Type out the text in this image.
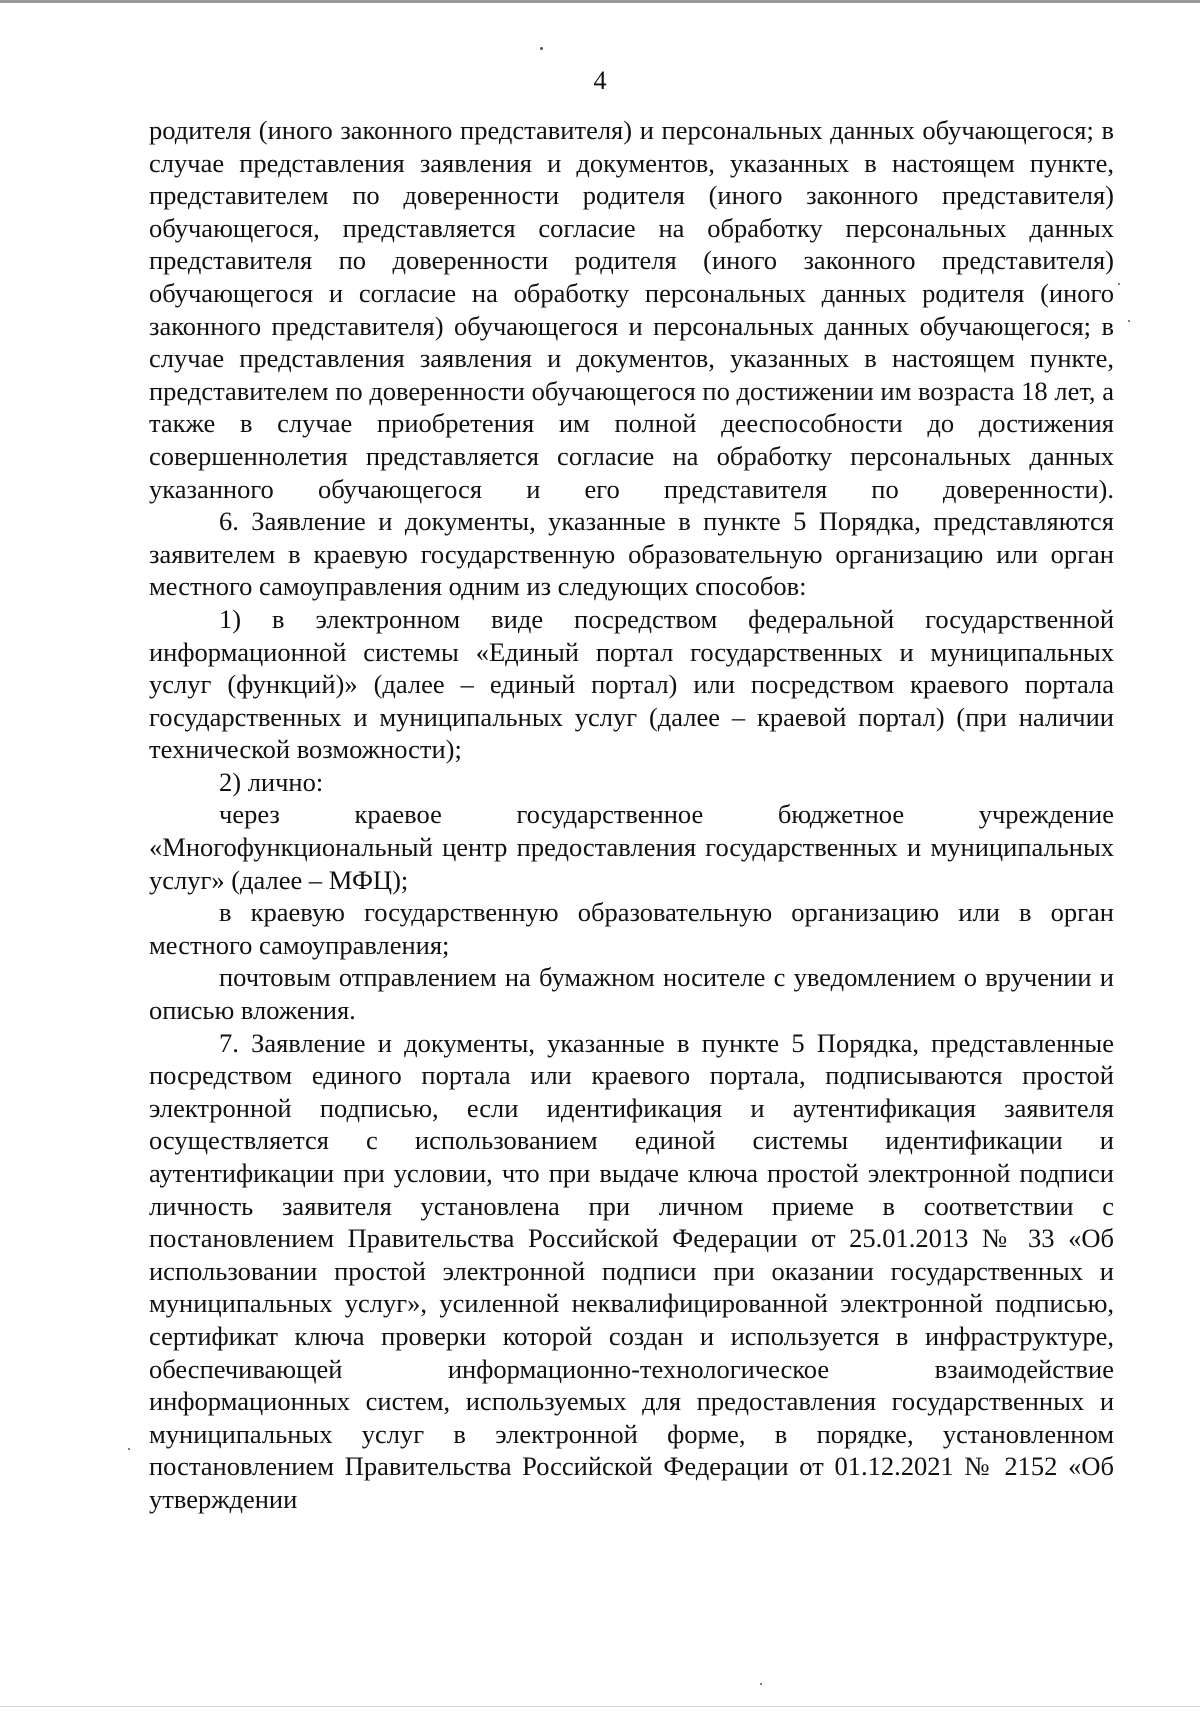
4

родителя (иного законного представителя) и персональных данных обучающегося; в случае представления заявления и документов, указанных в настоящем пункте, представителем по доверенности родителя (иного законного представителя) обучающегося, представляется согласие на обработку персональных данных представителя по доверенности родителя (иного законного представителя) обучающегося и согласие на обработку персональных данных родителя (иного законного представителя) обучающегося и персональных данных обучающегося; в случае представления заявления и документов, указанных в настоящем пункте, представителем по доверенности обучающегося по достижении им возраста 18 лет, а также в случае приобретения им полной дееспособности до достижения совершеннолетия представляется согласие на обработку персональных данных указанного обучающегося и его представителя по доверенности).

6. Заявление и документы, указанные в пункте 5 Порядка, представляются заявителем в краевую государственную образовательную организацию или орган местного самоуправления одним из следующих способов:

1) в электронном виде посредством федеральной государственной информационной системы «Единый портал государственных и муниципальных услуг (функций)» (далее – единый портал) или посредством краевого портала государственных и муниципальных услуг (далее – краевой портал) (при наличии технической возможности);

2) лично:

через краевое государственное бюджетное учреждение «Многофункциональный центр предоставления государственных и муниципальных услуг» (далее – МФЦ);

в краевую государственную образовательную организацию или в орган местного самоуправления;

почтовым отправлением на бумажном носителе с уведомлением о вручении и описью вложения.

7. Заявление и документы, указанные в пункте 5 Порядка, представленные посредством единого портала или краевого портала, подписываются простой электронной подписью, если идентификация и аутентификация заявителя осуществляется с использованием единой системы идентификации и аутентификации при условии, что при выдаче ключа простой электронной подписи личность заявителя установлена при личном приеме в соответствии с постановлением Правительства Российской Федерации от 25.01.2013 № 33 «Об использовании простой электронной подписи при оказании государственных и муниципальных услуг», усиленной неквалифицированной электронной подписью, сертификат ключа проверки которой создан и используется в инфраструктуре, обеспечивающей информационно-технологическое взаимодействие информационных систем, используемых для предоставления государственных и муниципальных услуг в электронной форме, в порядке, установленном постановлением Правительства Российской Федерации от 01.12.2021 № 2152 «Об утверждении
